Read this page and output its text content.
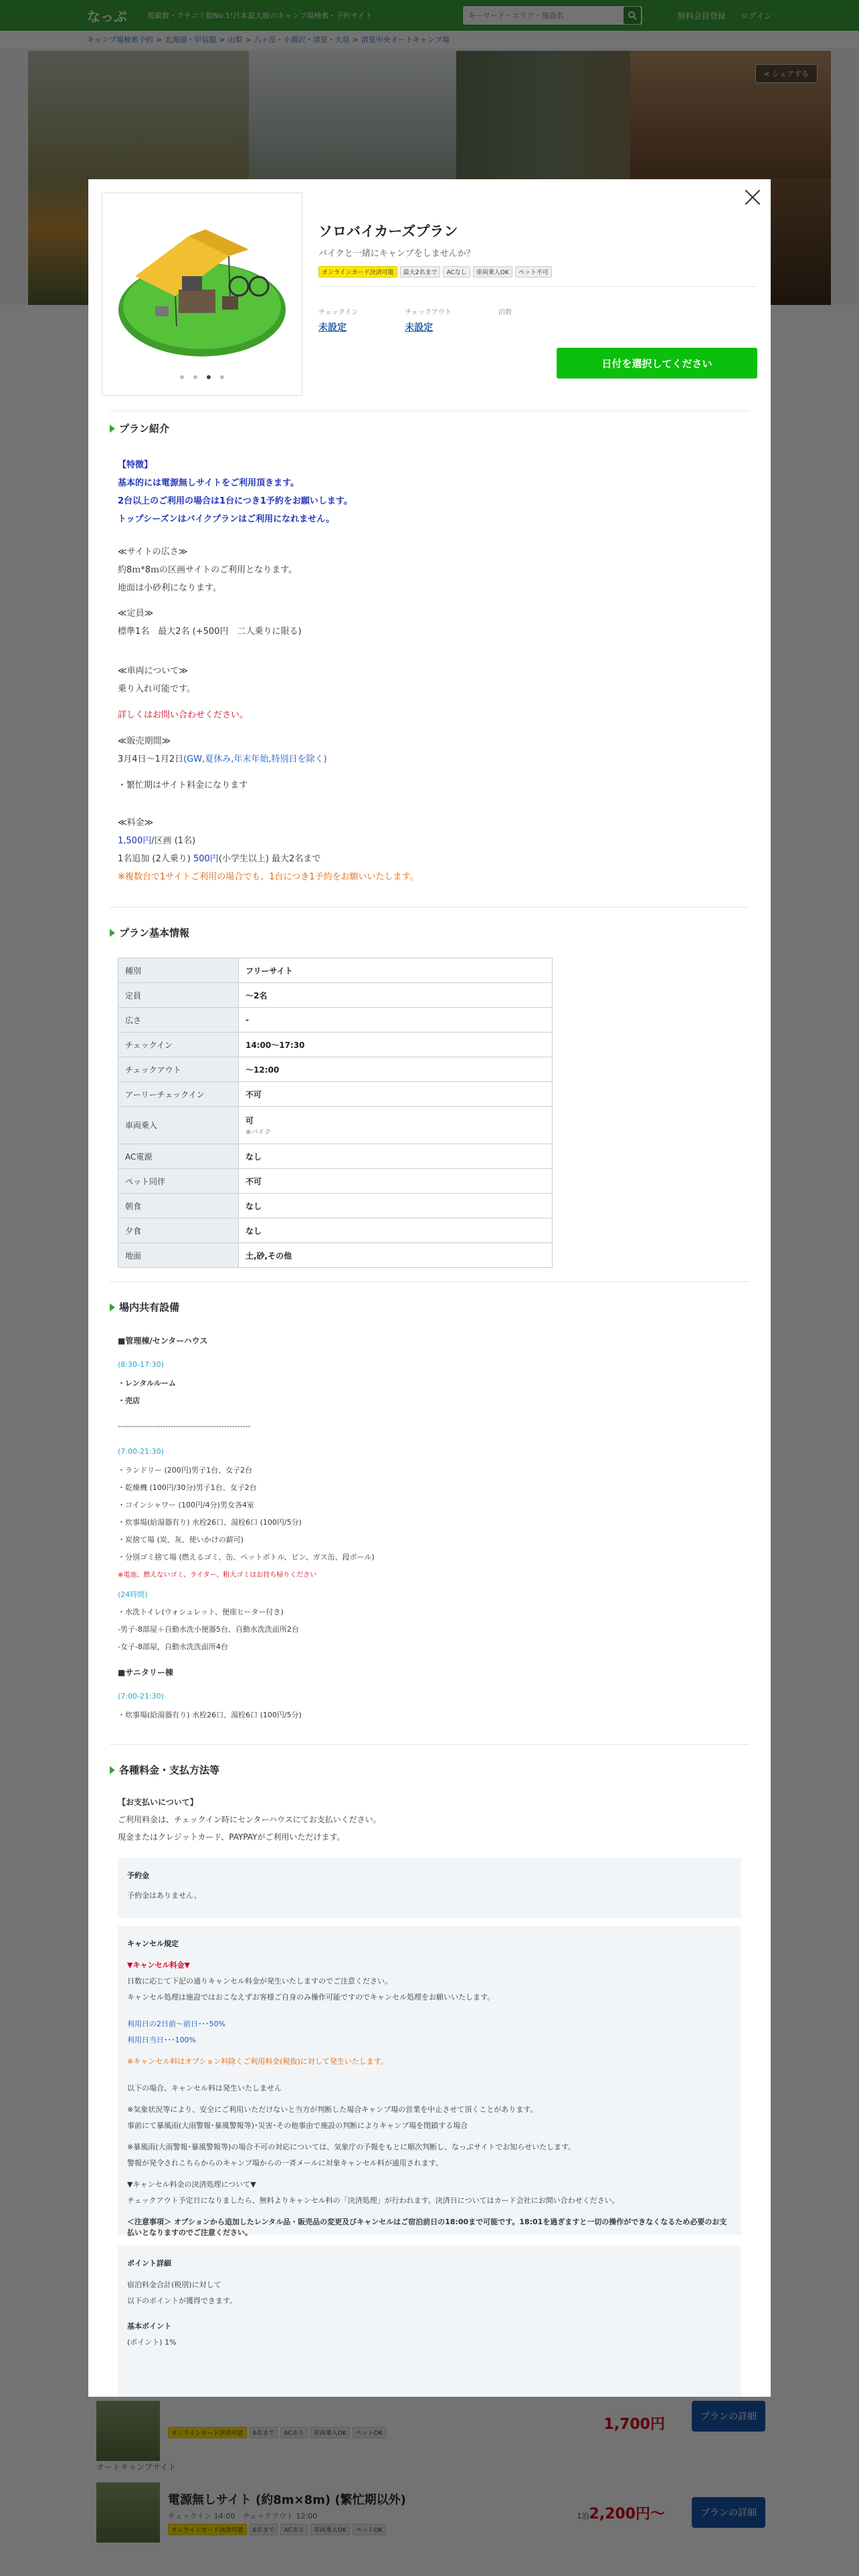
キーワード・エリア・施設名
ソロバイカーズプラン
バイクと一緒にキャンプをしませんか？
オンラインカード決済可能	最大2名まで	ACなし	車両乗入OK	ペット不可
チェックイン
未設定
チェックアウト
未設定
泊数
日付を選択してください
プラン紹介
【特徴】
基本的には電源無しサイトをご利用頂きます。
2台以上のご利用の場合は1台につき1予約をお願いします。
トップシーズンはバイクプランはご利用になれません。
≪サイトの広さ≫
約8ｍ*8ｍの区画サイトのご利用となります。
地面は小砂利になります。
≪定員≫
標準1名　最大2名 (+500円　二人乗りに限る)
≪車両について≫
乗り入れ可能です。
詳しくはお問い合わせください。
≪販売期間≫
3月4日〜1月2日(GW,夏休み,年末年始,特別日を除く)
・繁忙期はサイト料金になります
≪料金≫
1,500円/区画 (1名)
1名追加 (2人乗り) 500円(小学生以上) 最大2名まで
※複数台で1サイトご利用の場合でも、1台につき1予約をお願いいたします。
プラン基本情報
種別	フリーサイト
定員	〜2名
広さ	-
チェックイン	14:00〜17:30
チェックアウト	〜12:00
アーリーチェックイン	不可
車両乗入	可
※バイク

AC電源	なし
ペット同伴	不可
朝食	なし
夕食	なし
地面	土,砂,その他
場内共有設備
■管理棟/センターハウス
(8:30-17:30)
・レンタルルーム
・売店
--------------------------------------------------
(7:00-21:30)
・ランドリー (200円)男子1台、女子2台
・乾燥機 (100円/30分)男子1台、女子2台
・コインシャワー (100円/4分)男女各4室
・炊事場(給湯器有り) 水栓26口、湯栓6口 (100円/5分)
・炭捨て場 (炭、灰、使いかけの薪可)
・分別ゴミ捨て場 (燃えるゴミ、缶、ペットボトル、ビン、ガス缶、段ボール)
※電池、燃えないゴミ、ライター、粗大ゴミはお持ち帰りください
(24時間)
・水洗トイレ(ウォシュレット、便座ヒーター付き)
-男子-8部屋＋自動水洗小便器5台、自動水洗洗面所2台
-女子-8部屋，自動水洗洗面所4台
■サニタリー棟
(7:00-21:30)
・炊事場(給湯器有り) 水栓26口、湯栓6口 (100円/5分)
各種料金・支払方法等
【お支払いについて】
ご利用料金は、チェックイン時にセンターハウスにてお支払いください。
現金またはクレジットカード、PAYPAYがご利用いただけます。
予約金
予約金はありません。
キャンセル規定
▼キャンセル料金▼
日数に応じて下記の通りキャンセル料金が発生いたしますのでご注意ください。
キャンセル処理は施設ではおこなえずお客様ご自身のみ操作可能ですのでキャンセル処理をお願いいたします。
利用日の2日前〜前日･･･50%
利用日当日･･･100%
※キャンセル料はオプション料除くご利用料金(税抜)に対して発生いたします。
以下の場合、キャンセル料は発生いたしません
※気象状況等により、安全にご利用いただけないと当方が判断した場合キャンプ場の営業を中止させて頂くことがあります。
事前にて暴風雨(大雨警報･暴風警報等)･災害･その他事由で施設の判断によりキャンプ場を閉鎖する場合
※暴風雨(大雨警報･暴風警報等)の場合不可の対応については、気象庁の予報をもとに順次判断し、なっぷサイトでお知らせいたします。
警報が発令されこちらからのキャンプ場からの一斉メールに対象キャンセル料が通用されます。
▼キャンセル料金の決済処理について▼
チェックアウト予定日になりましたら、無料よりキャンセル料の「決済処理」が行われます。決済日についてはカード会社にお問い合わせください。
＜注意事項＞ オプションから追加したレンタル品・販売品の変更及びキャンセルはご宿泊前日の18:00まで可能です。18:01を過ぎますと一切の操作ができなくなるため必要のお支払いとなりますのでご注意ください。
ポイント詳細
宿泊料金合計(税別)に対して
以下のポイントが獲得できます。
基本ポイント
(ポイント) 1%
